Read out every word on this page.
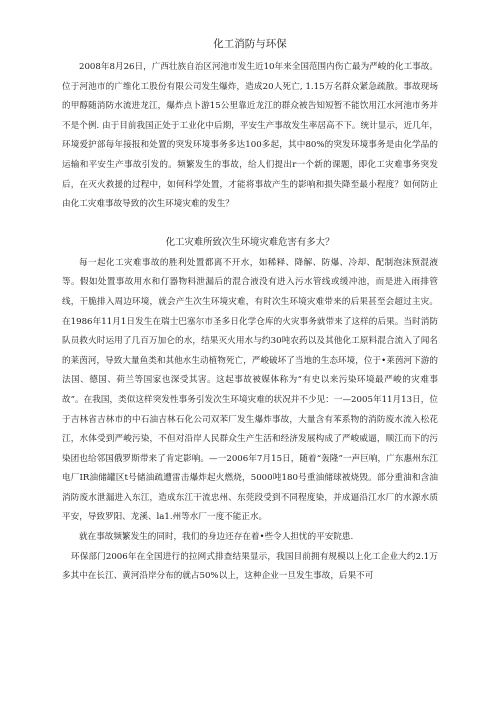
化工消防与环保

2008年8月26日，广西壮族自治区河池市发生近10年来全国范围内伤亡最为严峻的化工事故。位于河池市的广维化工股份有限公司发生爆炸，造成20人死亡, 1.15万名群众紧急疏散。事故现场的甲醇随消防水流进龙江，爆炸点卜游15公里靠近龙江的群众被告知短暂不能饮用江水河池市务并不是个例. 由于目前我国正处于工业化中后期，平安生产事故发生率居高不下。统计显示，近几年，环境爱护部每年接报和处置的突发环境事务多达100多起，其中80%的突发环境事务是由化学品的运输和平安生产事故引发的。频繁发生的事故，给人们提出r一个新的课题，即化工灾难事务突发后，在灭火救援的过程中，如何科学处置，才能将事故产生的影响和损失降至最小程度？如何防止由化工灾难事故导致的次生环境灾难的发生？

化工灾难所致次生环境灾难危害有多大？

每一起化工灾难事故的胜利处置都离不开水，如稀释、降解、防爆、冷却、配制泡沫预混液等。假如处置事故用水和仃器物料泄漏后的混合液没有进入污水管线或缓冲池，而是进入雨排管线，干脆排入周边环境，就会产生次生环境灾难，有时次生环境灾难带来的后果甚至会超过主灾。在1986年11月1日发生在瑞士巴塞尔市圣多日化学仓库的火灾事务就带来了这样的后果。当时消防队员救火时运用了几百万加仑的水，结果灭火用水与约30吨农药以及其他化工原料混合流入了闻名的莱茵河，导致大量鱼类和其他水生动植物死亡，严峻破坏了当地的生态环境，位于•莱茵河下游的法国、德国、荷兰等国家也深受其害。这起事故被媒体称为“有史以来污染环境最严峻的灾难事故”。在我国，类似这样突发性事务引发次生环境灾难的状况并不少见：一—2005年11月13日，位于吉林省吉林市的中石油吉林石化公司双苯厂发生爆炸事故，大量含有苯系物的消防废水流入松花江，水体受到严峻污染，不但对沿岸人民群众生产生活和经济发展构成了严峻威逼，顺江而下的污染团也给邻国俄罗斯带来了肯定影响。—一2006年7月15日，随着“轰隆”一声巨响，广东惠州东江电厂IR油储罐区t号储油疏遭雷击爆炸起火燃烧，5000吨180号重油储球被烧毁。部分重油和含油消防废水泄漏进入东江，造成东江干流忠州、东莞段受到不同程度染，并成逼沿江水厂的水源水质平安，导致罗阳、龙溪、la1.州等水厂一度不能正水。

就在事故频繁发生的同时，我们的身边还存在着•些令人担忧的平安院患.

环保部门2006年在全国进行的拉网式排查结果显示，我国目前拥有规模以上化工企业大约2.1万多其中在长江、黄河沿岸分布的就占50%以上，这种企业一旦发生事故，后果不可
